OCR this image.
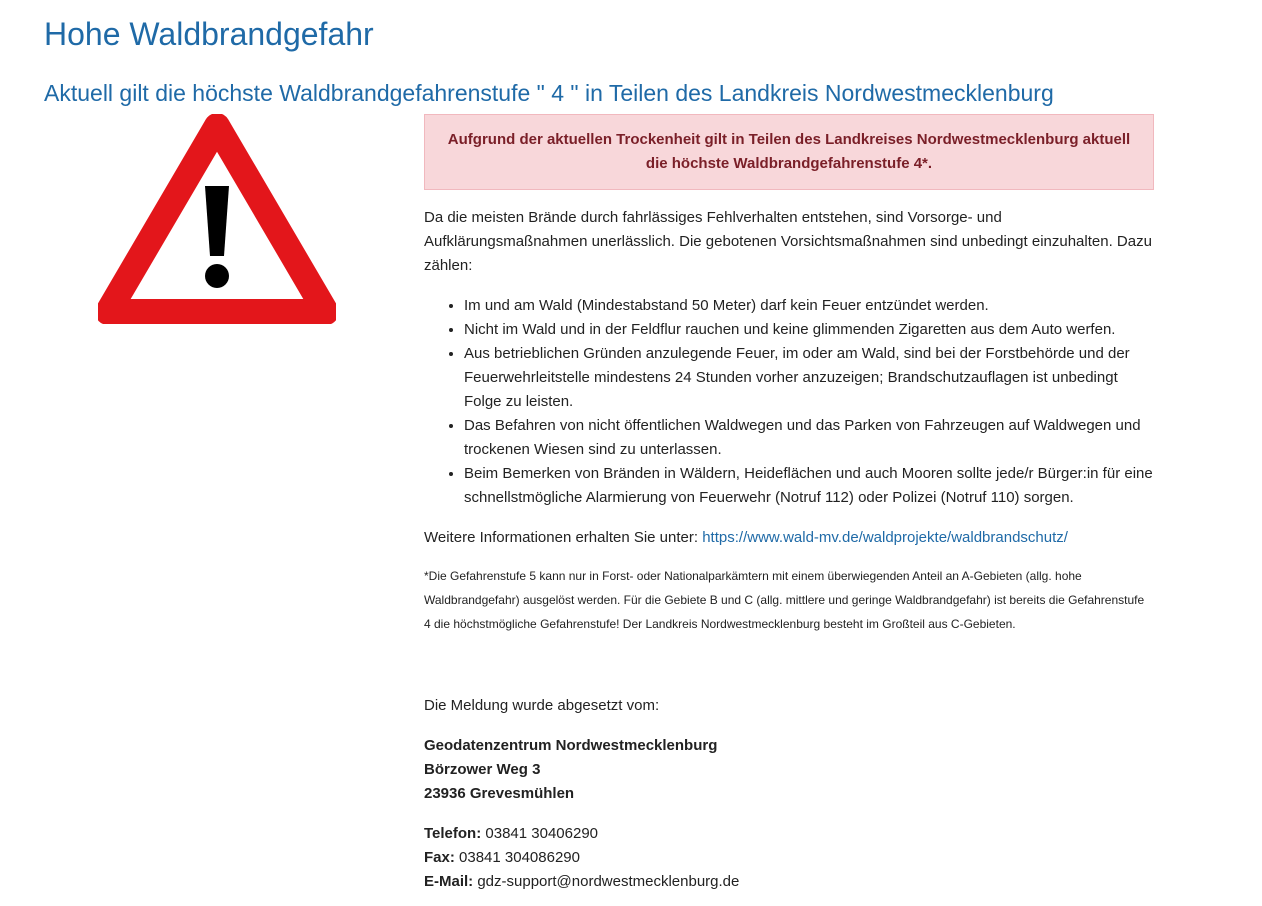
Hohe Waldbrandgefahr
Aktuell gilt die höchste Waldbrandgefahrenstufe " 4 " in Teilen des Landkreis Nordwestmecklenburg
Aufgrund der aktuellen Trockenheit gilt in Teilen des Landkreises Nordwestmecklenburg aktuell
die höchste Waldbrandgefahrenstufe 4*.

Da die meisten Brände durch fahrlässiges Fehlverhalten entstehen, sind Vorsorge- und Aufklärungsmaßnahmen unerlässlich. Die gebotenen Vorsichtsmaßnahmen sind unbedingt einzuhalten. Dazu zählen:

• Im und am Wald (Mindestabstand 50 Meter) darf kein Feuer entzündet werden.
• Nicht im Wald und in der Feldflur rauchen und keine glimmenden Zigaretten aus dem Auto werfen.
• Aus betrieblichen Gründen anzulegende Feuer, im oder am Wald, sind bei der Forstbehörde und der Feuerwehrleitstelle mindestens 24 Stunden vorher anzuzeigen; Brandschutzauflagen ist unbedingt Folge zu leisten.
• Das Befahren von nicht öffentlichen Waldwegen und das Parken von Fahrzeugen auf Waldwegen und trockenen Wiesen sind zu unterlassen.
• Beim Bemerken von Bränden in Wäldern, Heideflächen und auch Mooren sollte jede/r Bürger:in für eine schnellstmögliche Alarmierung von Feuerwehr (Notruf 112) oder Polizei (Notruf 110) sorgen.

Weitere Informationen erhalten Sie unter: https://www.wald-mv.de/waldprojekte/waldbrandschutz/

*Die Gefahrenstufe 5 kann nur in Forst- oder Nationalparkämtern mit einem überwiegenden Anteil an A-Gebieten (allg. hohe Waldbrandgefahr) ausgelöst werden. Für die Gebiete B und C (allg. mittlere und geringe Waldbrandgefahr) ist bereits die Gefahrenstufe 4 die höchstmögliche Gefahrenstufe! Der Landkreis Nordwestmecklenburg besteht im Großteil aus C-Gebieten.

Die Meldung wurde abgesetzt vom:

Geodatenzentrum Nordwestmecklenburg
Börzower Weg 3
23936 Grevesmühlen
Telefon: 03841 30406290
Fax: 03841 304086290
E-Mail: gdz-support@nordwestmecklenburg.de
